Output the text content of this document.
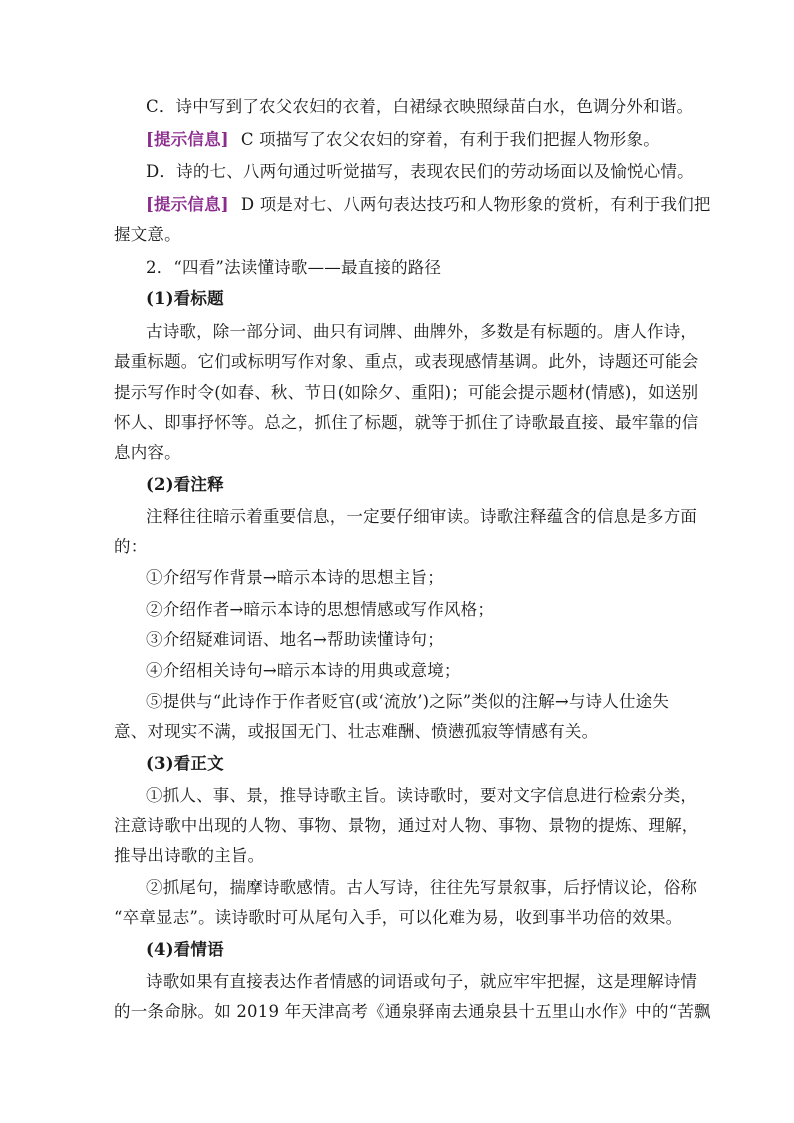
C．诗中写到了农父农妇的衣着，白裙绿衣映照绿苗白水，色调分外和谐。
[提示信息] C 项描写了农父农妇的穿着，有利于我们把握人物形象。
D．诗的七、八两句通过听觉描写，表现农民们的劳动场面以及愉悦心情。
[提示信息] D 项是对七、八两句表达技巧和人物形象的赏析，有利于我们把
握文意。
2．“四看”法读懂诗歌——最直接的路径
(1)看标题
古诗歌，除一部分词、曲只有词牌、曲牌外，多数是有标题的。唐人作诗，
最重标题。它们或标明写作对象、重点，或表现感情基调。此外，诗题还可能会
提示写作时令(如春、秋、节日(如除夕、重阳)；可能会提示题材(情感)，如送别
怀人、即事抒怀等。总之，抓住了标题，就等于抓住了诗歌最直接、最牢靠的信
息内容。
(2)看注释
注释往往暗示着重要信息，一定要仔细审读。诗歌注释蕴含的信息是多方面
的：
①介绍写作背景→暗示本诗的思想主旨；
②介绍作者→暗示本诗的思想情感或写作风格；
③介绍疑难词语、地名→帮助读懂诗句；
④介绍相关诗句→暗示本诗的用典或意境；
⑤提供与“此诗作于作者贬官(或‘流放’)之际”类似的注解→与诗人仕途失
意、对现实不满，或报国无门、壮志难酬、愤懑孤寂等情感有关。
(3)看正文
①抓人、事、景，推导诗歌主旨。读诗歌时，要对文字信息进行检索分类，
注意诗歌中出现的人物、事物、景物，通过对人物、事物、景物的提炼、理解，
推导出诗歌的主旨。
②抓尾句，揣摩诗歌感情。古人写诗，往往先写景叙事，后抒情议论，俗称
“卒章显志”。读诗歌时可从尾句入手，可以化难为易，收到事半功倍的效果。
(4)看情语
诗歌如果有直接表达作者情感的词语或句子，就应牢牢把握，这是理解诗情
的一条命脉。如 2019 年天津高考《通泉驿南去通泉县十五里山水作》中的“苦飘
